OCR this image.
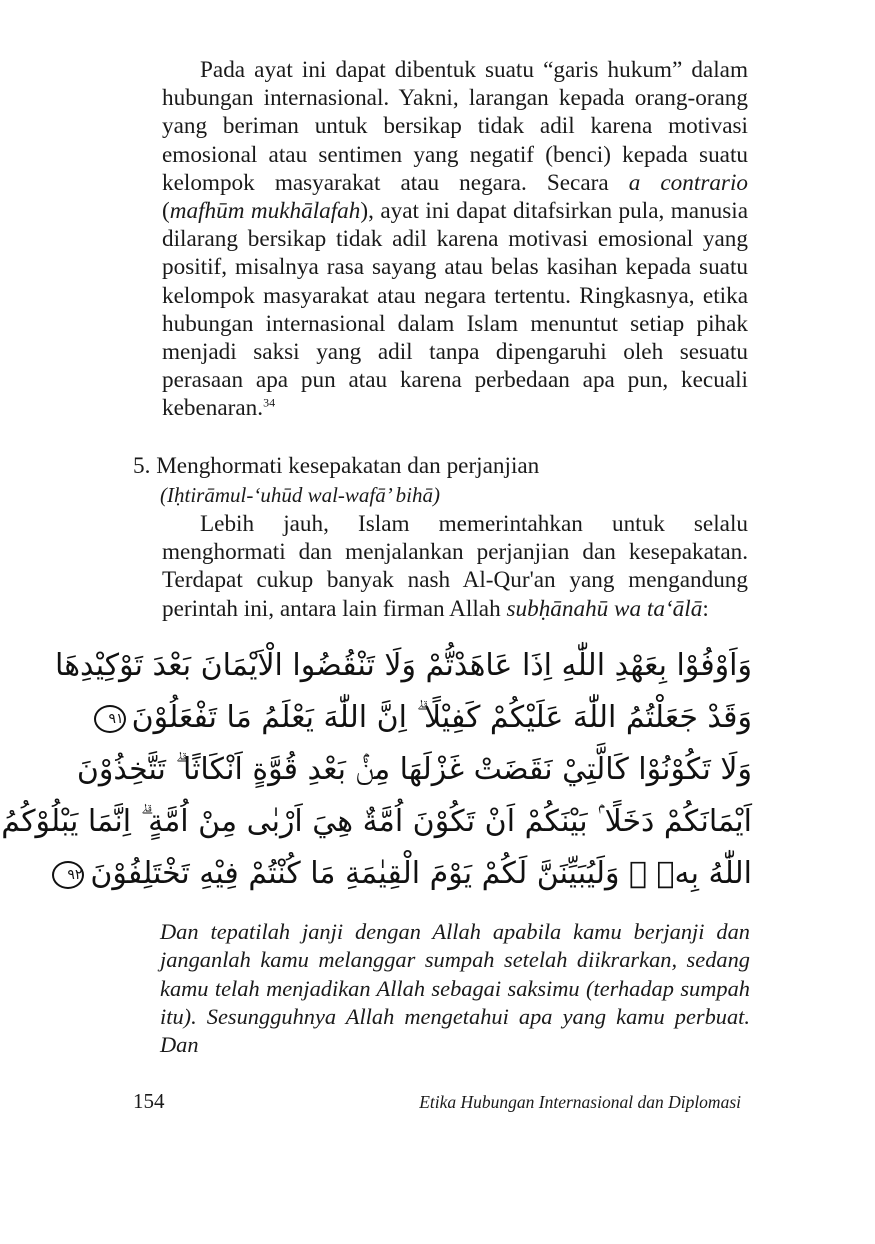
Pada ayat ini dapat dibentuk suatu “garis hukum” dalam hubungan internasional. Yakni, larangan kepada orang-orang yang beriman untuk bersikap tidak adil karena motivasi emosional atau sentimen yang negatif (benci) kepada suatu kelompok masyarakat atau negara. Secara a contrario (mafhūm mukhālafah), ayat ini dapat ditafsirkan pula, manusia dilarang bersikap tidak adil karena motivasi emosional yang positif, misalnya rasa sayang atau belas kasihan kepada suatu kelompok masyarakat atau negara tertentu. Ringkasnya, etika hubungan internasional dalam Islam menuntut setiap pihak menjadi saksi yang adil tanpa dipengaruhi oleh sesuatu perasaan apa pun atau karena perbedaan apa pun, kecuali kebenaran.$^{34}$

5. Menghormati kesepakatan dan perjanjian

(Iḥtirāmul-‘uhūd wal-wafā’ bihā)

Lebih jauh, Islam memerintahkan untuk selalu menghormati dan menjalankan perjanjian dan kesepakatan. Terdapat cukup banyak nash Al-Qur'an yang mengandung perintah ini, antara lain firman Allah subḥānahū wa ta‘ālā:

وَاَوْفُوْا بِعَهْدِ اللّٰهِ اِذَا عَاهَدْتُّمْ وَلَا تَنْقُضُوا الْاَيْمَانَ بَعْدَ تَوْكِيْدِهَا
وَقَدْ جَعَلْتُمُ اللّٰهَ عَلَيْكُمْ كَفِيْلًا ۗ اِنَّ اللّٰهَ يَعْلَمُ مَا تَفْعَلُوْنَ٩١
وَلَا تَكُوْنُوْا كَالَّتِيْ نَقَضَتْ غَزْلَهَا مِنْۢ بَعْدِ قُوَّةٍ اَنْكَاثًا ۗ تَتَّخِذُوْنَ
اَيْمَانَكُمْ دَخَلًا ۢ بَيْنَكُمْ اَنْ تَكُوْنَ اُمَّةٌ هِيَ اَرْبٰى مِنْ اُمَّةٍ ۗ اِنَّمَا يَبْلُوْكُمُ
اللّٰهُ بِهٖ ۗ وَلَيُبَيِّنَنَّ لَكُمْ يَوْمَ الْقِيٰمَةِ مَا كُنْتُمْ فِيْهِ تَخْتَلِفُوْنَ٩٢

Dan tepatilah janji dengan Allah apabila kamu berjanji dan janganlah kamu melanggar sumpah setelah diikrarkan, sedang kamu telah menjadikan Allah sebagai saksimu (terhadap sumpah itu). Sesungguhnya Allah mengetahui apa yang kamu perbuat. Dan

154	Etika Hubungan Internasional dan Diplomasi
